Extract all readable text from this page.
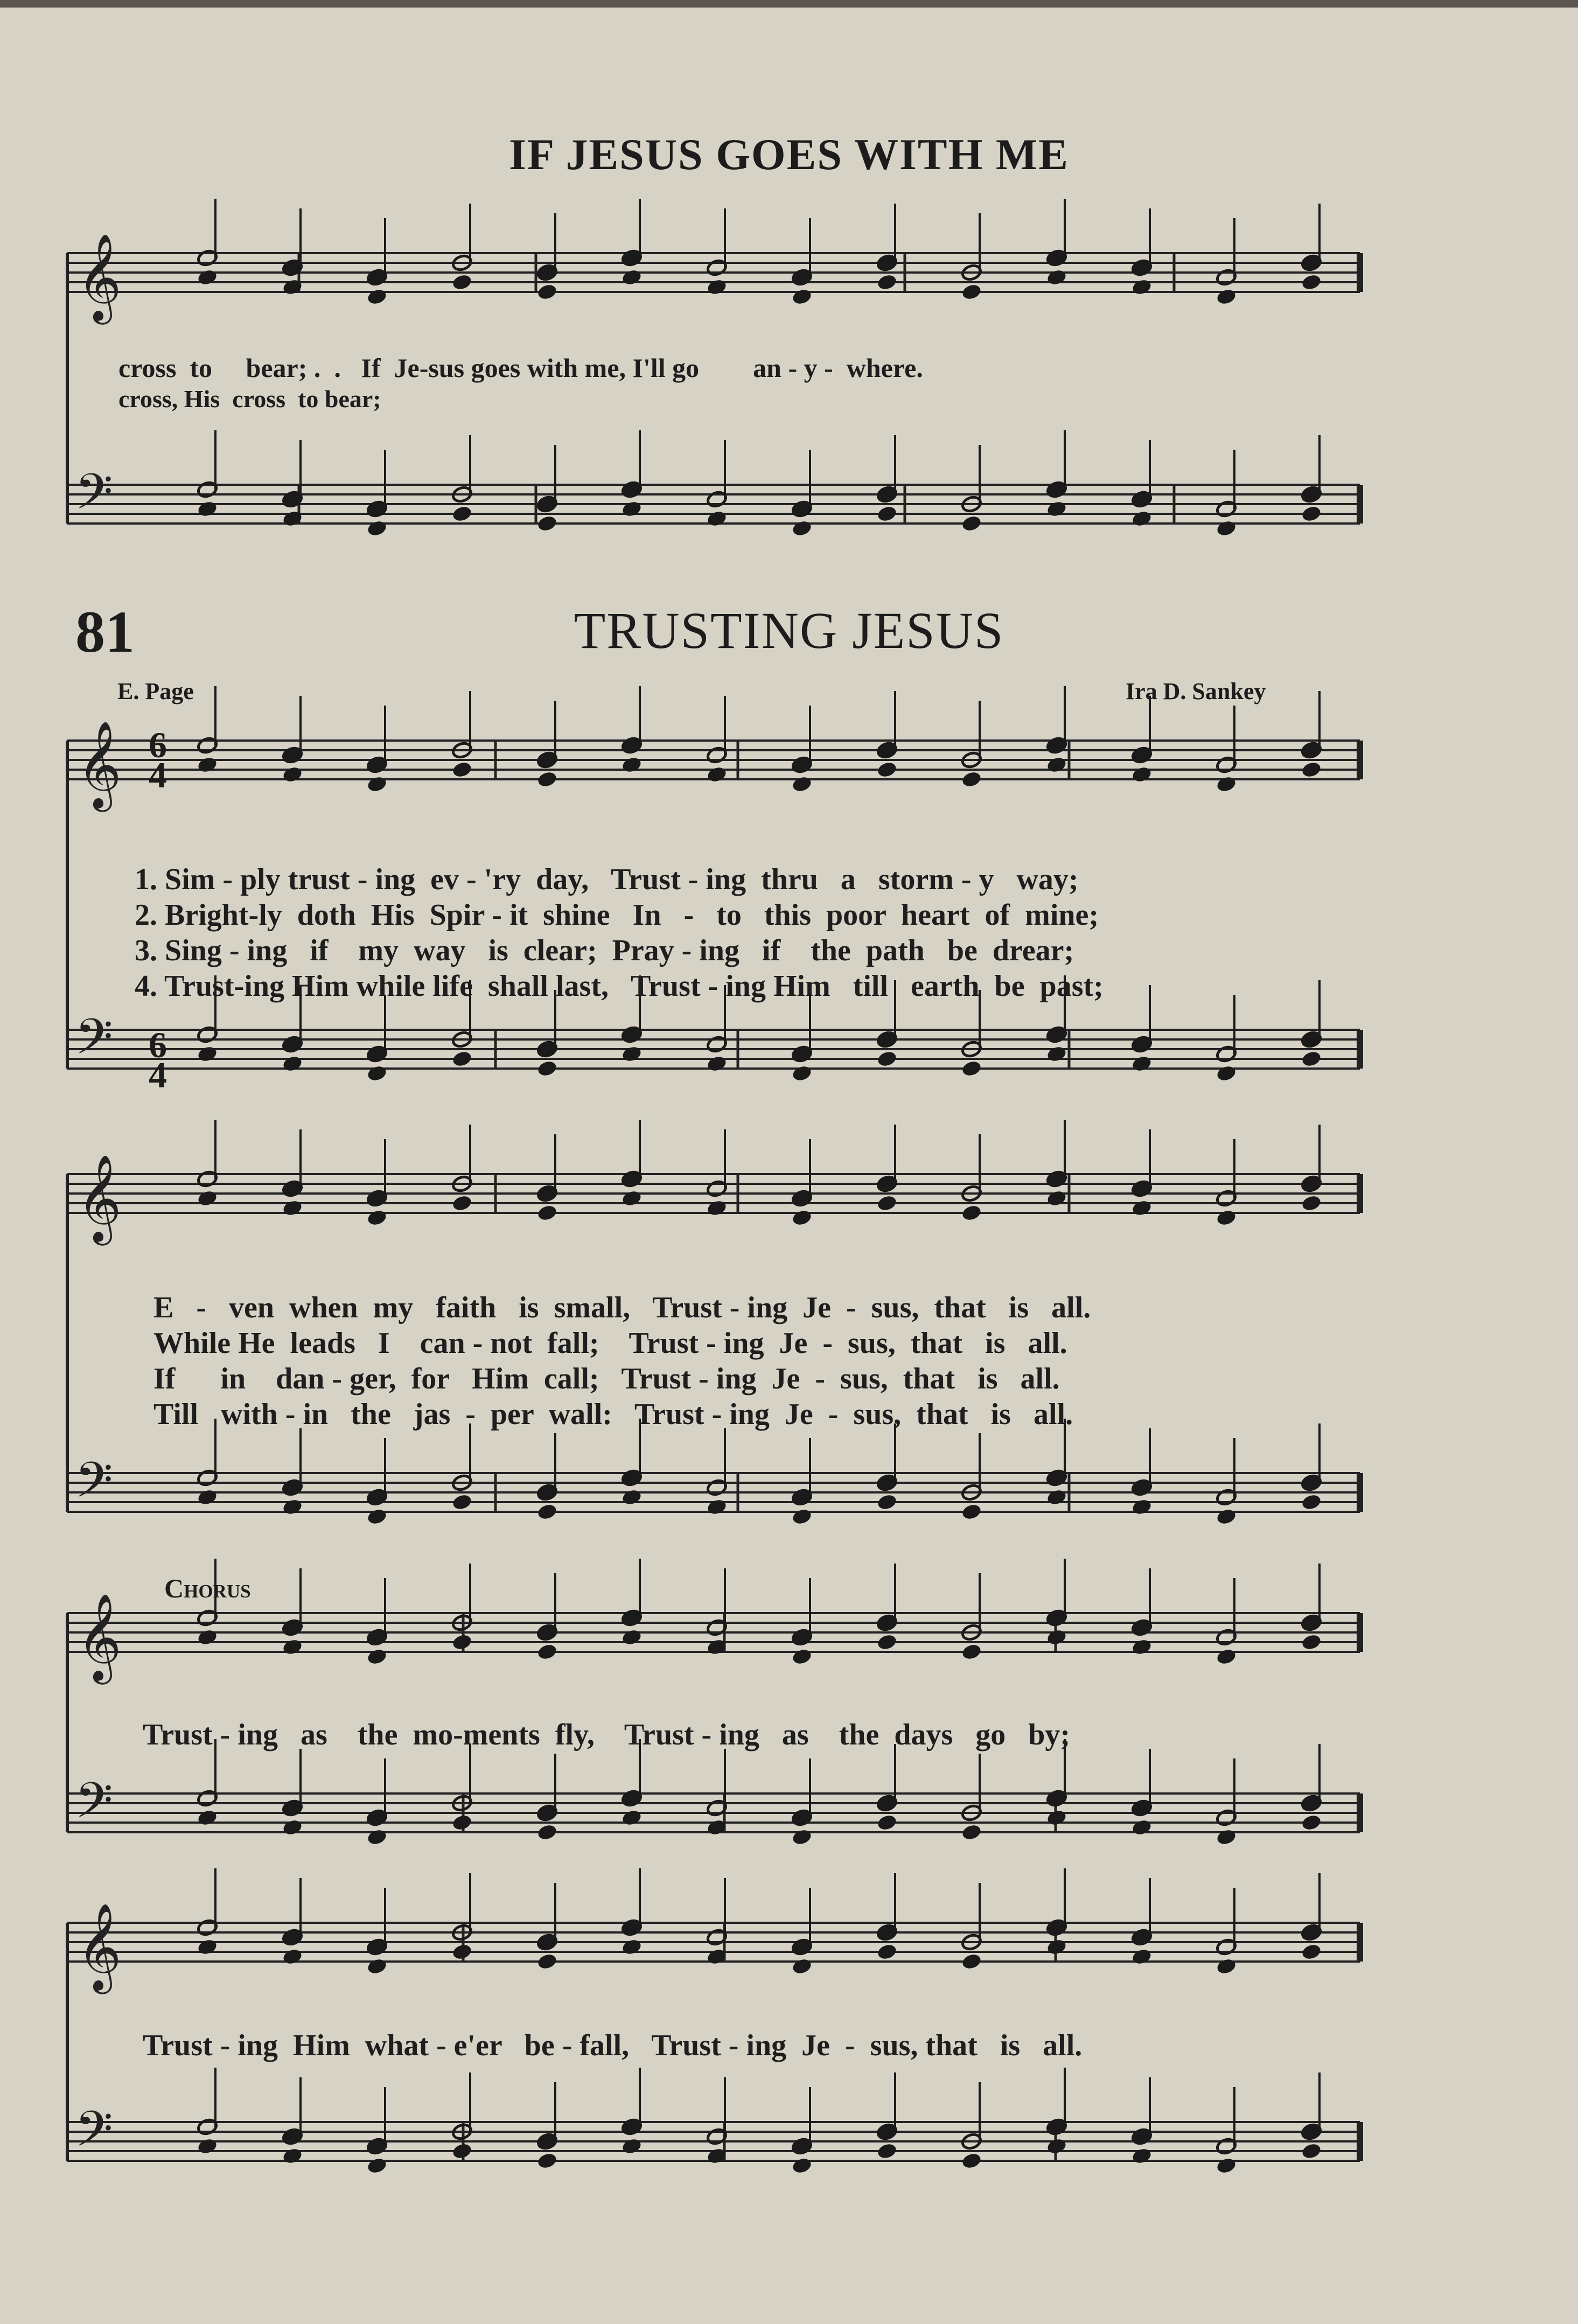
IF JESUS GOES WITH ME
𝄞
𝄢
𝄞
𝄢
𝄞
𝄢
𝄞
𝄢
𝄞
𝄢
cross  to     bear; .  .   If  Je-sus goes with me, I'll go        an - y -  where.
cross, His  cross  to bear;
81	TRUSTING JESUS
E. Page	Ira D. Sankey
1. Sim - ply trust - ing  ev - 'ry  day,   Trust - ing  thru   a   storm - y   way;
2. Bright-ly  doth  His  Spir - it  shine   In   -   to   this  poor  heart  of  mine;
3. Sing - ing   if    my  way   is  clear;  Pray - ing   if    the  path   be  drear;
4. Trust-ing Him while life  shall last,   Trust - ing Him   till   earth  be  past;
E   -   ven  when  my   faith   is  small,   Trust - ing  Je  -  sus,  that   is   all.
While He  leads   I    can - not  fall;    Trust - ing  Je  -  sus,  that   is   all.
If      in    dan - ger,  for   Him  call;   Trust - ing  Je  -  sus,  that   is   all.
Till   with - in   the   jas  -  per  wall:   Trust - ing  Je  -  sus,  that   is   all.
Chorus
Trust - ing   as    the  mo-ments  fly,    Trust - ing   as    the  days   go   by;
Trust - ing  Him  what - e'er   be - fall,   Trust - ing  Je  -  sus, that   is   all.
6
4
6
4
